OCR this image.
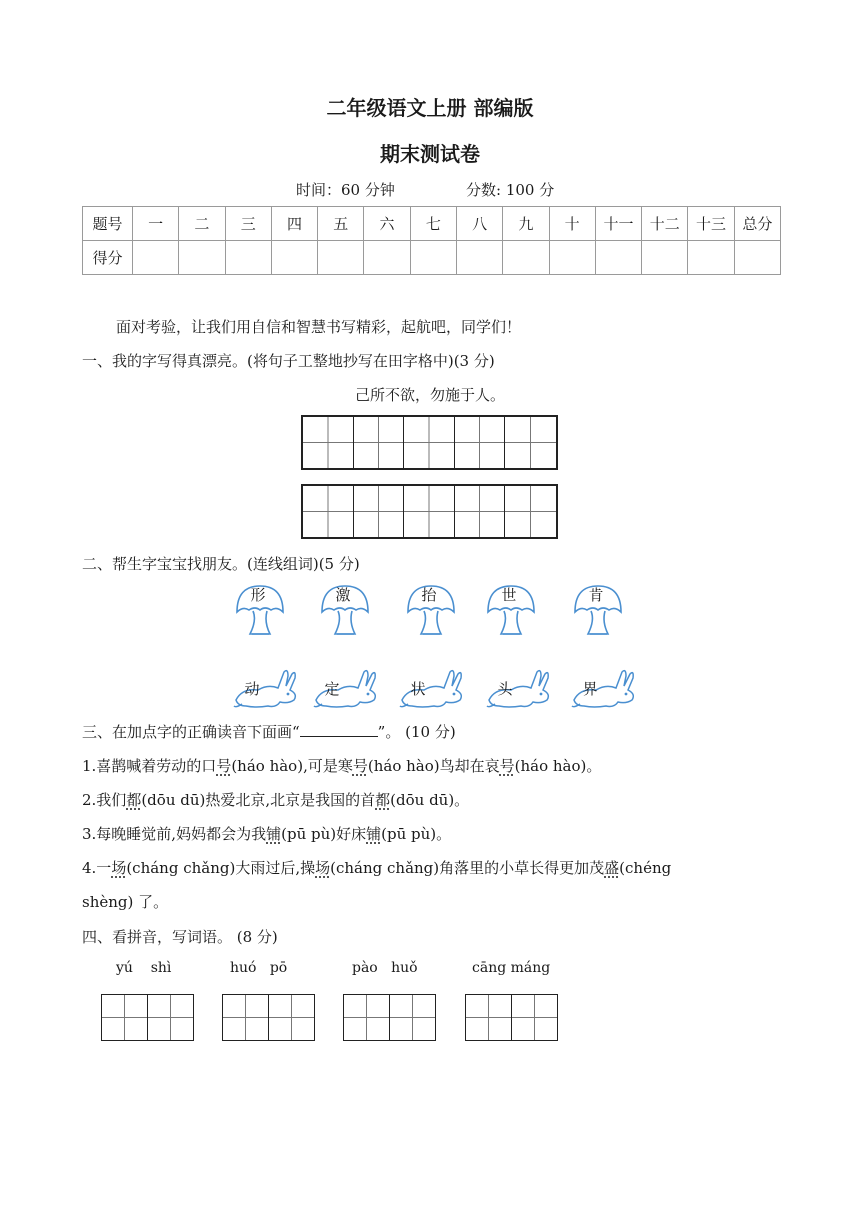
二年级语文上册 部编版
期末测试卷
时间：60 分钟	分数: 100 分
题号	一	二	三	四	五	六	七	八	九	十	十一	十二	十三	总分
得分														
面对考验，让我们用自信和智慧书写精彩，起航吧，同学们！
一、我的字写得真漂亮。(将句子工整地抄写在田字格中)(3 分)
己所不欲，勿施于人。
二、帮生字宝宝找朋友。(连线组词)(5 分)
形	激	抬	世	肯
动	定	状	头	界
三、在加点字的正确读音下面画“	”。 (10 分)
1.喜鹊喊着劳动的口号(háo hào),可是寒号(háo hào)鸟却在哀号(háo hào)。
2.我们都(dōu dū)热爱北京,北京是我国的首都(dōu dū)。
3.每晚睡觉前,妈妈都会为我铺(pū pù)好床铺(pū pù)。
4.一场(cháng chǎng)大雨过后,操场(cháng chǎng)角落里的小草长得更加茂盛(chéng
shèng) 了。
四、看拼音，写词语。 (8 分)
yú    shì	huó   pō	pào   huǒ	cāng máng
